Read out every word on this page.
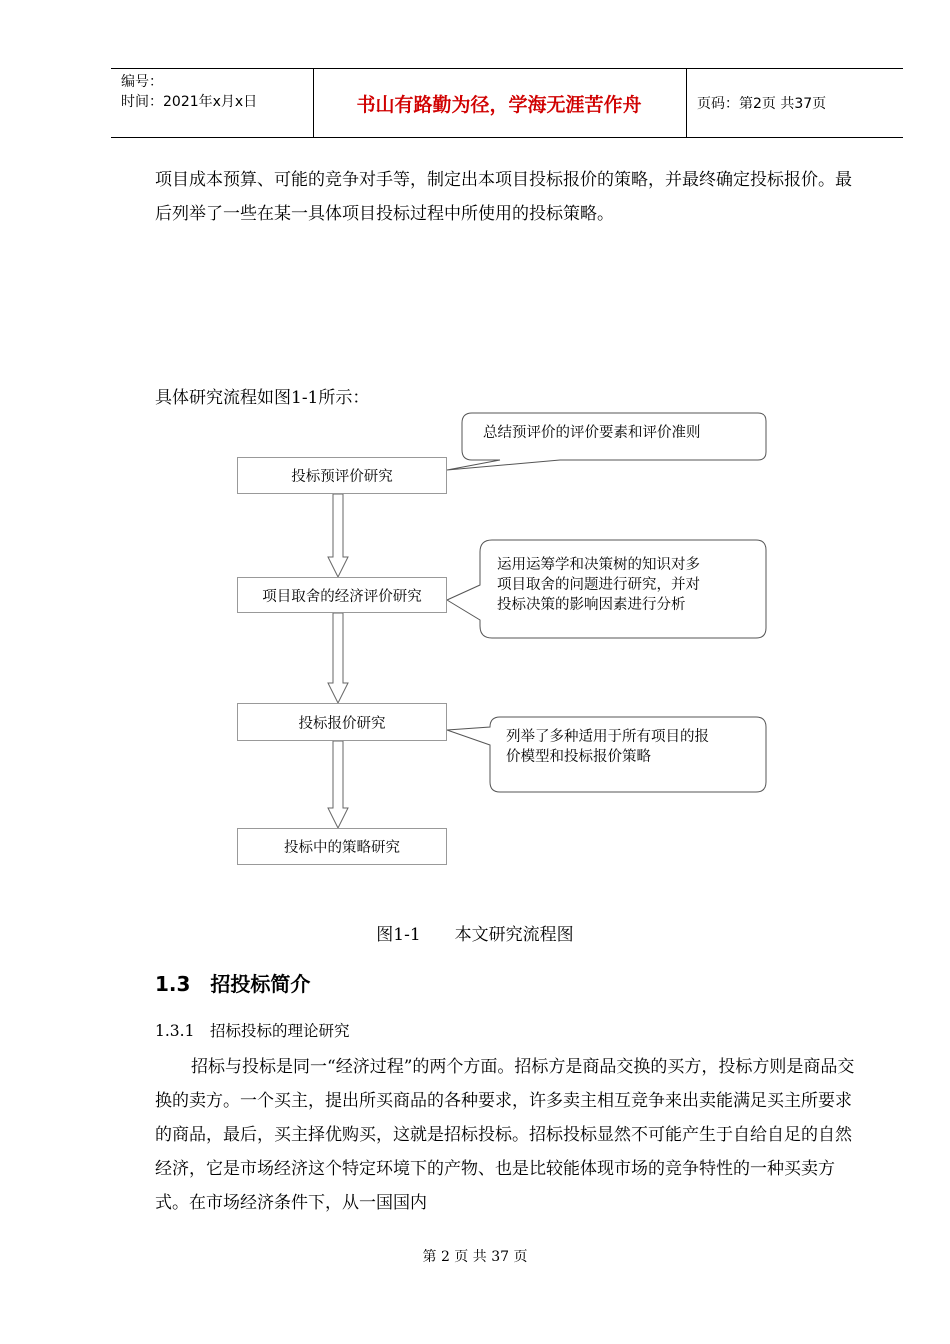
编号：
时间：2021年x月x日	书山有路勤为径，学海无涯苦作舟	页码：第2页 共37页
项目成本预算、可能的竞争对手等，制定出本项目投标报价的策略，并最终确定投标报价。最后列举了一些在某一具体项目投标过程中所使用的投标策略。
具体研究流程如图1-1所示：
投标预评价研究
项目取舍的经济评价研究
投标报价研究
投标中的策略研究
总结预评价的评价要素和评价准则
运用运筹学和决策树的知识对多
项目取舍的问题进行研究，并对
投标决策的影响因素进行分析
列举了多种适用于所有项目的报
价模型和投标报价策略
图1-1　　本文研究流程图
1.3　招投标简介
1.3.1　招标投标的理论研究
招标与投标是同一“经济过程”的两个方面。招标方是商品交换的买方，投标方则是商品交换的卖方。一个买主，提出所买商品的各种要求，许多卖主相互竞争来出卖能满足买主所要求的商品，最后，买主择优购买，这就是招标投标。招标投标显然不可能产生于自给自足的自然经济，它是市场经济这个特定环境下的产物、也是比较能体现市场的竞争特性的一种买卖方式。在市场经济条件下，从一国国内
第 2 页 共 37 页
